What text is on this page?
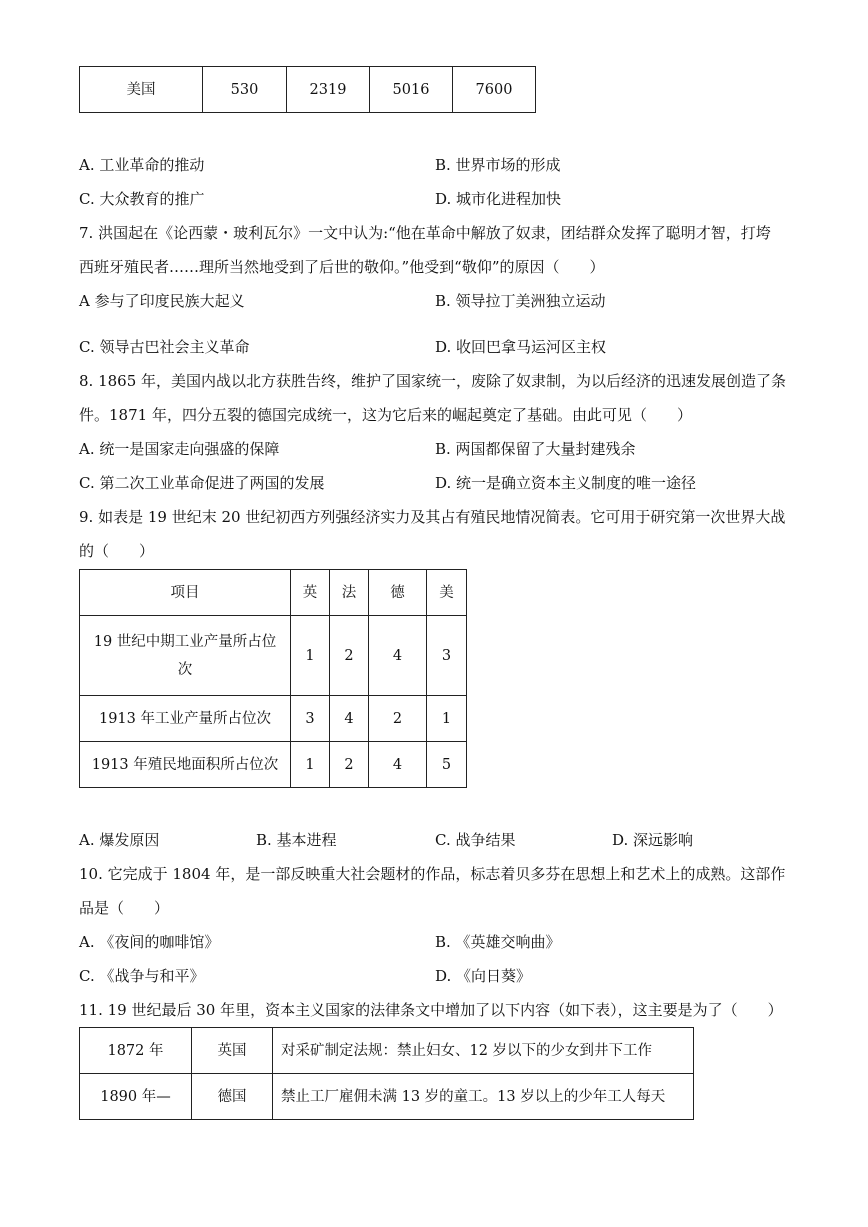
美国	530	2319	5016	7600
A. 工业革命的推动	B. 世界市场的形成
C. 大众教育的推广	D. 城市化进程加快
7. 洪国起在《论西蒙・玻利瓦尔》一文中认为:“他在革命中解放了奴隶，团结群众发挥了聪明才智，打垮
西班牙殖民者……理所当然地受到了后世的敬仰。”他受到“敬仰”的原因（　　）
A 参与了印度民族大起义	B. 领导拉丁美洲独立运动
C. 领导古巴社会主义革命	D. 收回巴拿马运河区主权
8. 1865 年，美国内战以北方获胜告终，维护了国家统一，废除了奴隶制，为以后经济的迅速发展创造了条
件。1871 年，四分五裂的德国完成统一，这为它后来的崛起奠定了基础。由此可见（　　）
A. 统一是国家走向强盛的保障	B. 两国都保留了大量封建残余
C. 第二次工业革命促进了两国的发展	D. 统一是确立资本主义制度的唯一途径
9. 如表是 19 世纪末 20 世纪初西方列强经济实力及其占有殖民地情况简表。它可用于研究第一次世界大战
的（　　）
项目	英	法	德	美

19 世纪中期工业产量所占位
次	1	2	4	3
1913 年工业产量所占位次	3	4	2	1
1913 年殖民地面积所占位次	1	2	4	5
A. 爆发原因	B. 基本进程	C. 战争结果	D. 深远影响
10. 它完成于 1804 年，是一部反映重大社会题材的作品，标志着贝多芬在思想上和艺术上的成熟。这部作
品是（　　）
A. 《夜间的咖啡馆》	B. 《英雄交响曲》
C. 《战争与和平》	D. 《向日葵》
11. 19 世纪最后 30 年里，资本主义国家的法律条文中增加了以下内容（如下表），这主要是为了（　　）
1872 年	英国	对采矿制定法规：禁止妇女、12 岁以下的少女到井下工作
1890 年—	德国	禁止工厂雇佣未满 13 岁的童工。13 岁以上的少年工人每天
